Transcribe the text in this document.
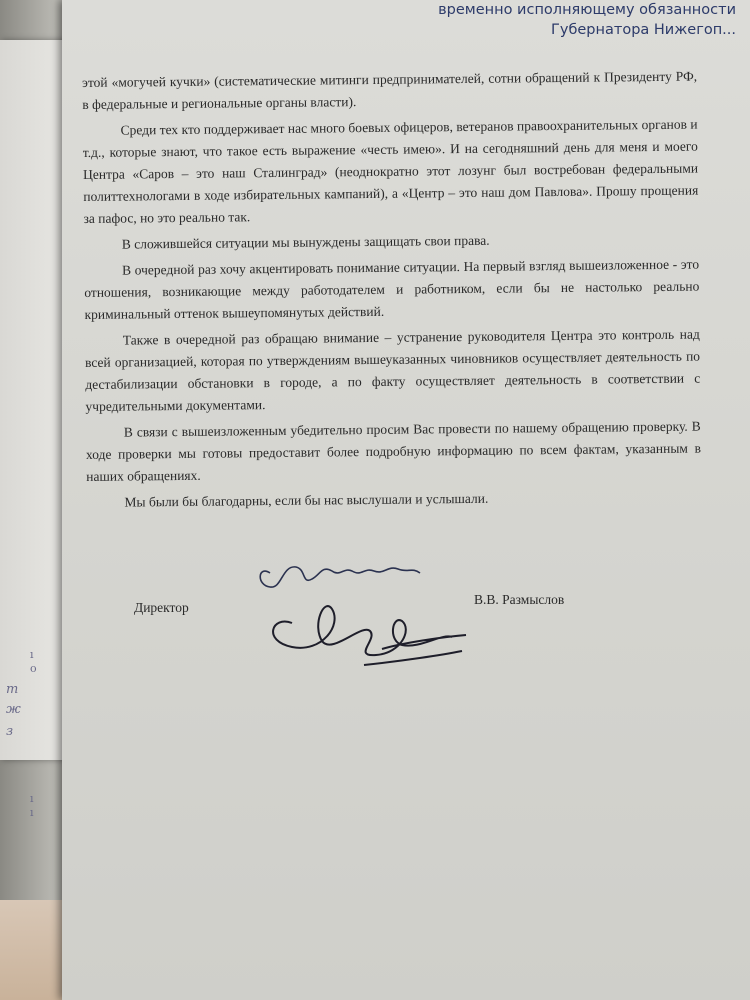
ı
o
т
ж
з
ı
ı
временно исполняющему обязанности
Губернатора Нижегоп...

этой «могучей кучки» (систематические митинги предпринимателей, сотни обращений к Президенту РФ, в федеральные и региональные органы власти).

Среди тех кто поддерживает нас много боевых офицеров, ветеранов правоохранительных органов и т.д., которые знают, что такое есть выражение «честь имею». И на сегодняшний день для меня и моего Центра «Саров – это наш Сталинград» (неоднократно этот лозунг был востребован федеральными политтехнологами в ходе избирательных кампаний), а «Центр – это наш дом Павлова». Прошу прощения за пафос, но это реально так.

В сложившейся ситуации мы вынуждены защищать свои права.

В очередной раз хочу акцентировать понимание ситуации. На первый взгляд вышеизложенное - это отношения, возникающие между работодателем и работником, если бы не настолько реально криминальный оттенок вышеупомянутых действий.

Также в очередной раз обращаю внимание – устранение руководителя Центра это контроль над всей организацией, которая по утверждениям вышеуказанных чиновников осуществляет деятельность по дестабилизации обстановки в городе, а по факту осуществляет деятельность в соответствии с учредительными документами.

В связи с вышеизложенным убедительно просим Вас провести по нашему обращению проверку. В ходе проверки мы готовы предоставит более подробную информацию по всем фактам, указанным в наших обращениях.

Мы были бы благодарны, если бы нас выслушали и услышали.

Директор
В.В. Размыслов
